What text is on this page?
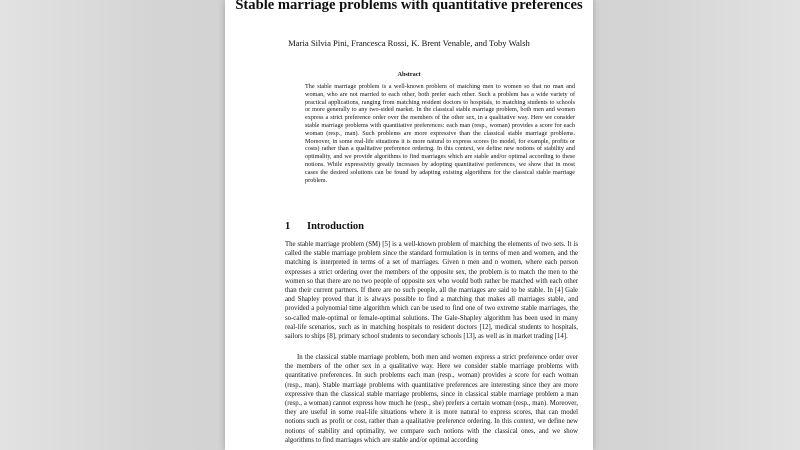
Stable marriage problems with quantitative preferences
Maria Silvia Pini, Francesca Rossi, K. Brent Venable, and Toby Walsh
Abstract
The stable marriage problem is a well-known problem of matching men to women so that no man and woman, who are not married to each other, both prefer each other. Such a problem has a wide variety of practical applications, ranging from matching resident doctors to hospitals, to matching students to schools or more generally to any two-sided market. In the classical stable marriage problem, both men and women express a strict preference order over the members of the other sex, in a qualitative way. Here we consider stable marriage problems with quantitative preferences: each man (resp., woman) provides a score for each woman (resp., man). Such problems are more expressive than the classical stable marriage problems. Moreover, in some real-life situations it is more natural to express scores (to model, for example, profits or costs) rather than a qualitative preference ordering. In this context, we define new notions of stability and optimality, and we provide algorithms to find marriages which are stable and/or optimal according to these notions. While expressivity greatly increases by adopting quantitative preferences, we show that in most cases the desired solutions can be found by adapting existing algorithms for the classical stable marriage problem.
1 Introduction

The stable marriage problem (SM) [5] is a well-known problem of matching the elements of two sets. It is called the stable marriage problem since the standard formulation is in terms of men and women, and the matching is interpreted in terms of a set of marriages. Given n men and n women, where each person expresses a strict ordering over the members of the opposite sex, the problem is to match the men to the women so that there are no two people of opposite sex who would both rather be matched with each other than their current partners. If there are no such people, all the marriages are said to be stable. In [4] Gale and Shapley proved that it is always possible to find a matching that makes all marriages stable, and provided a polynomial time algorithm which can be used to find one of two extreme stable marriages, the so-called male-optimal or female-optimal solutions. The Gale-Shapley algorithm has been used in many real-life scenarios, such as in matching hospitals to resident doctors [12], medical students to hospitals, sailors to ships [8], primary school students to secondary schools [13], as well as in market trading [14].

In the classical stable marriage problem, both men and women express a strict preference order over the members of the other sex in a qualitative way. Here we consider stable marriage problems with quantitative preferences. In such problems each man (resp., woman) provides a score for each woman (resp., man). Stable marriage problems with quantitative preferences are interesting since they are more expressive than the classical stable marriage problems, since in classical stable marriage problem a man (resp., a woman) cannot express how much he (resp., she) prefers a certain woman (resp., man). Moreover, they are useful in some real-life situations where it is more natural to express scores, that can model notions such as profit or cost, rather than a qualitative preference ordering. In this context, we define new notions of stability and optimality, we compare such notions with the classical ones, and we show algorithms to find marriages which are stable and/or optimal according
